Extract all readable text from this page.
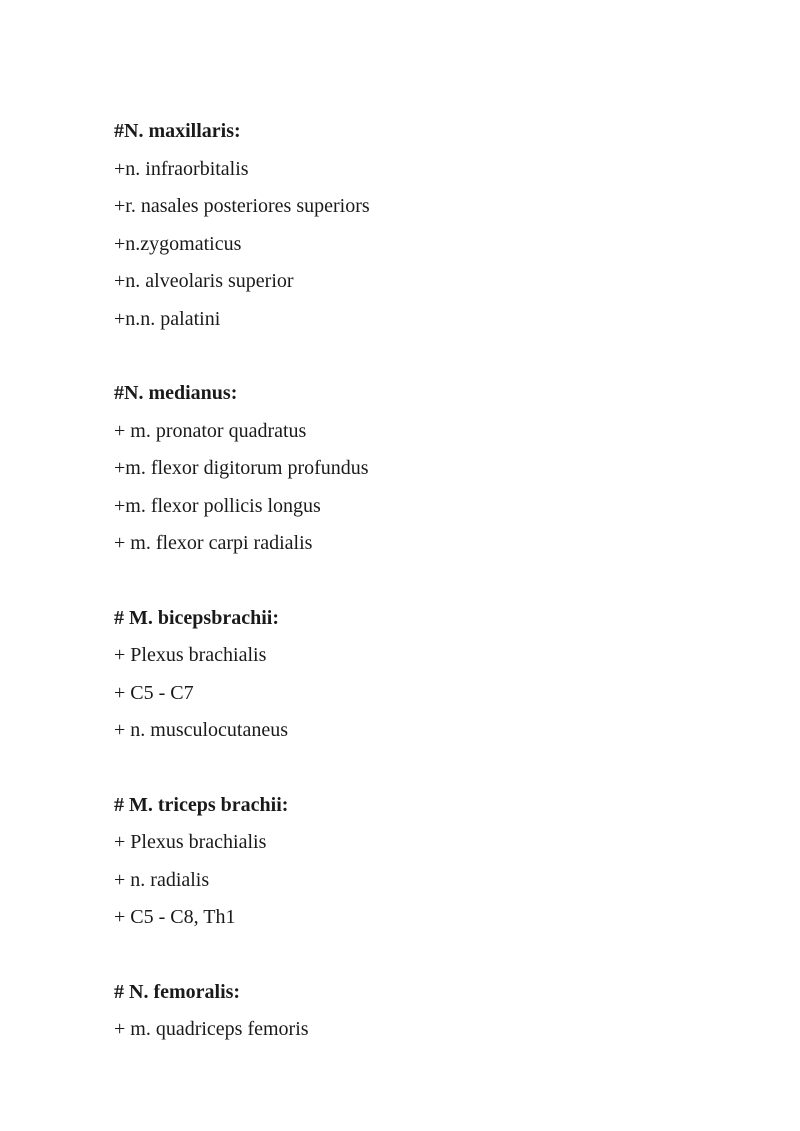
#N. maxillaris:
+n. infraorbitalis
+r. nasales posteriores superiors
+n.zygomaticus
+n. alveolaris superior
+n.n. palatini
#N. medianus:
+ m. pronator quadratus
+m. flexor digitorum profundus
+m. flexor pollicis longus
+ m. flexor carpi radialis
# M. bicepsbrachii:
+ Plexus brachialis
+ C5 - C7
+ n. musculocutaneus
# M. triceps brachii:
+ Plexus brachialis
+ n. radialis
+ C5 - C8, Th1
# N. femoralis:
+ m. quadriceps femoris
